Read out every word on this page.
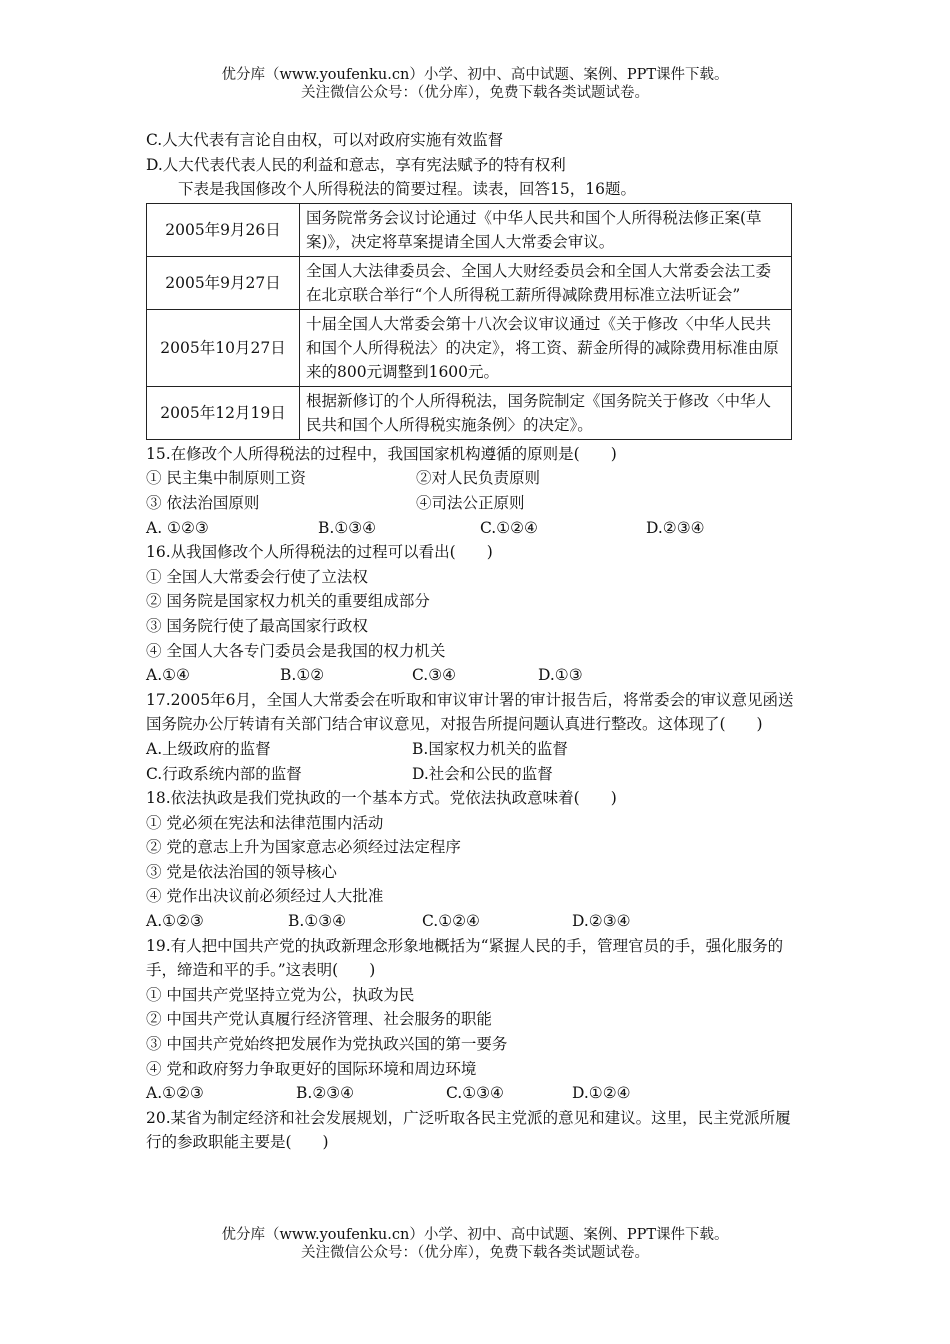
优分库（www.youfenku.cn）小学、初中、高中试题、案例、PPT课件下载。
关注微信公众号：（优分库），免费下载各类试题试卷。
C.人大代表有言论自由权，可以对政府实施有效监督
D.人大代表代表人民的利益和意志，享有宪法赋予的特有权利
下表是我国修改个人所得税法的简要过程。读表，回答15，16题。
2005年9月26日	国务院常务会议讨论通过《中华人民共和国个人所得税法修正案(草案)》，决定将草案提请全国人大常委会审议。
2005年9月27日	全国人大法律委员会、全国人大财经委员会和全国人大常委会法工委在北京联合举行“个人所得税工薪所得减除费用标准立法听证会”
2005年10月27日	十届全国人大常委会第十八次会议审议通过《关于修改〈中华人民共和国个人所得税法〉的决定》，将工资、薪金所得的减除费用标准由原来的800元调整到1600元。
2005年12月19日	根据新修订的个人所得税法，国务院制定《国务院关于修改〈中华人民共和国个人所得税实施条例〉的决定》。
15.在修改个人所得税法的过程中，我国国家机构遵循的原则是(　　)
① 民主集中制原则工资	②对人民负责原则
③ 依法治国原则	④司法公正原则
A. ①②③	B.①③④	C.①②④	D.②③④
16.从我国修改个人所得税法的过程可以看出(　　)
① 全国人大常委会行使了立法权
② 国务院是国家权力机关的重要组成部分
③ 国务院行使了最高国家行政权
④ 全国人大各专门委员会是我国的权力机关
A.①④	B.①②	C.③④	D.①③
17.2005年6月，全国人大常委会在听取和审议审计署的审计报告后，将常委会的审议意见函送国务院办公厅转请有关部门结合审议意见，对报告所提问题认真进行整改。这体现了(　　)
A.上级政府的监督	B.国家权力机关的监督
C.行政系统内部的监督	D.社会和公民的监督
18.依法执政是我们党执政的一个基本方式。党依法执政意味着(　　)
① 党必须在宪法和法律范围内活动
② 党的意志上升为国家意志必须经过法定程序
③ 党是依法治国的领导核心
④ 党作出决议前必须经过人大批准
A.①②③	B.①③④	C.①②④	D.②③④
19.有人把中国共产党的执政新理念形象地概括为“紧握人民的手，管理官员的手，强化服务的手，缔造和平的手。”这表明(　　)
① 中国共产党坚持立党为公，执政为民
② 中国共产党认真履行经济管理、社会服务的职能
③ 中国共产党始终把发展作为党执政兴国的第一要务
④ 党和政府努力争取更好的国际环境和周边环境
A.①②③	B.②③④	C.①③④	D.①②④
20.某省为制定经济和社会发展规划，广泛听取各民主党派的意见和建议。这里，民主党派所履行的参政职能主要是(　　)
优分库（www.youfenku.cn）小学、初中、高中试题、案例、PPT课件下载。
关注微信公众号：（优分库），免费下载各类试题试卷。
